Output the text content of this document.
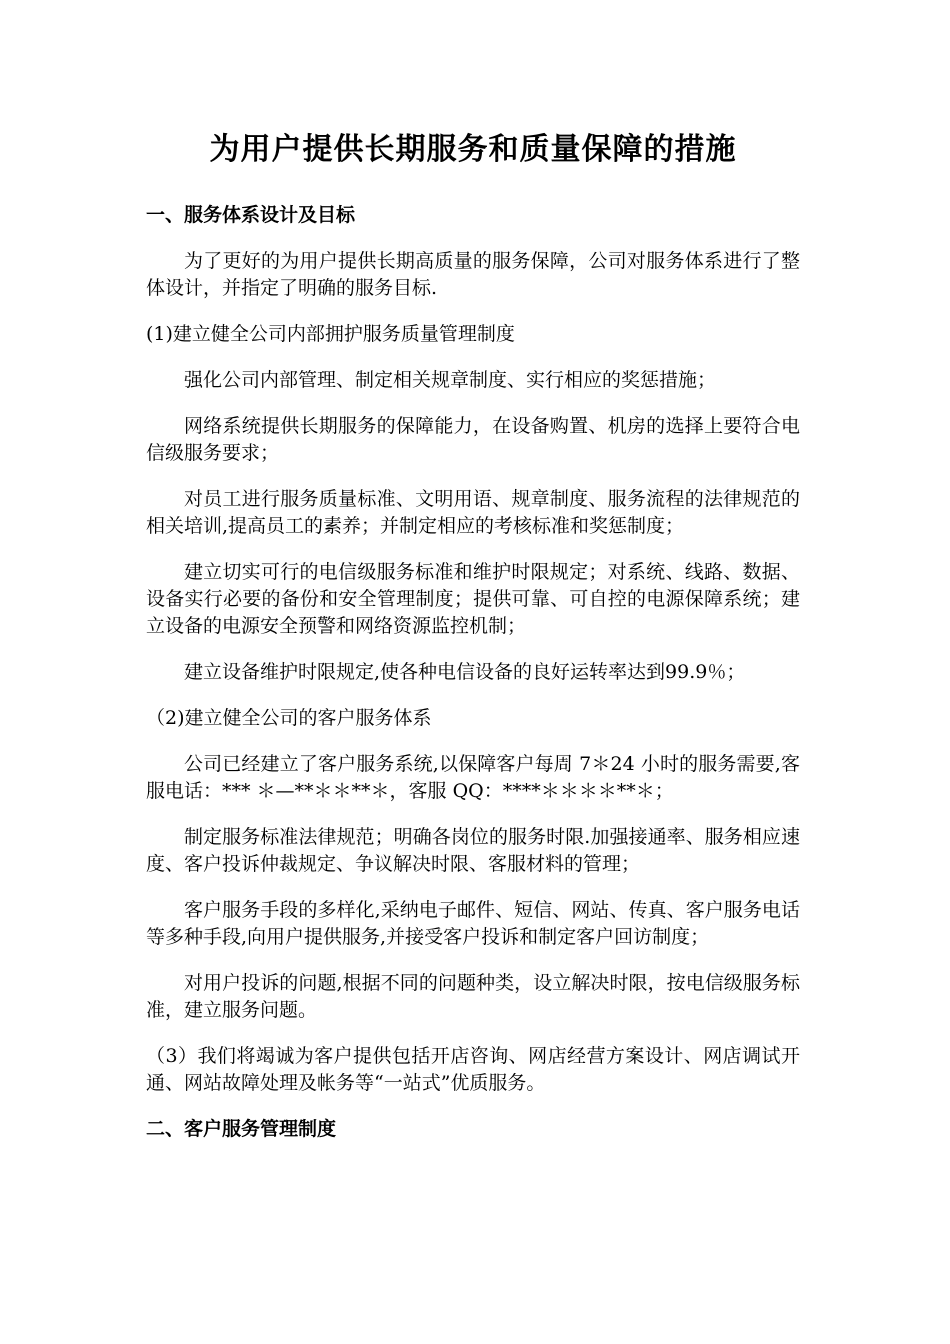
为用户提供长期服务和质量保障的措施
一、服务体系设计及目标

为了更好的为用户提供长期高质量的服务保障，公司对服务体系进行了整体设计，并指定了明确的服务目标.

(1)建立健全公司内部拥护服务质量管理制度

强化公司内部管理、制定相关规章制度、实行相应的奖惩措施；

网络系统提供长期服务的保障能力，在设备购置、机房的选择上要符合电信级服务要求；

对员工进行服务质量标准、文明用语、规章制度、服务流程的法律规范的相关培训,提高员工的素养；并制定相应的考核标准和奖惩制度；

建立切实可行的电信级服务标准和维护时限规定；对系统、线路、数据、设备实行必要的备份和安全管理制度；提供可靠、可自控的电源保障系统；建立设备的电源安全预警和网络资源监控机制；

建立设备维护时限规定,使各种电信设备的良好运转率达到99.9％；

（2)建立健全公司的客户服务体系

公司已经建立了客户服务系统,以保障客户每周 7＊24 小时的服务需要,客服电话：*** ＊—**＊＊**＊，客服 QQ：****＊＊＊＊**＊；

制定服务标准法律规范；明确各岗位的服务时限.加强接通率、服务相应速度、客户投诉仲裁规定、争议解决时限、客服材料的管理；

客户服务手段的多样化,采纳电子邮件、短信、网站、传真、客户服务电话等多种手段,向用户提供服务,并接受客户投诉和制定客户回访制度；

对用户投诉的问题,根据不同的问题种类，设立解决时限，按电信级服务标准，建立服务问题。

（3）我们将竭诚为客户提供包括开店咨询、网店经营方案设计、网店调试开通、网站故障处理及帐务等“一站式”优质服务。

二、客户服务管理制度
